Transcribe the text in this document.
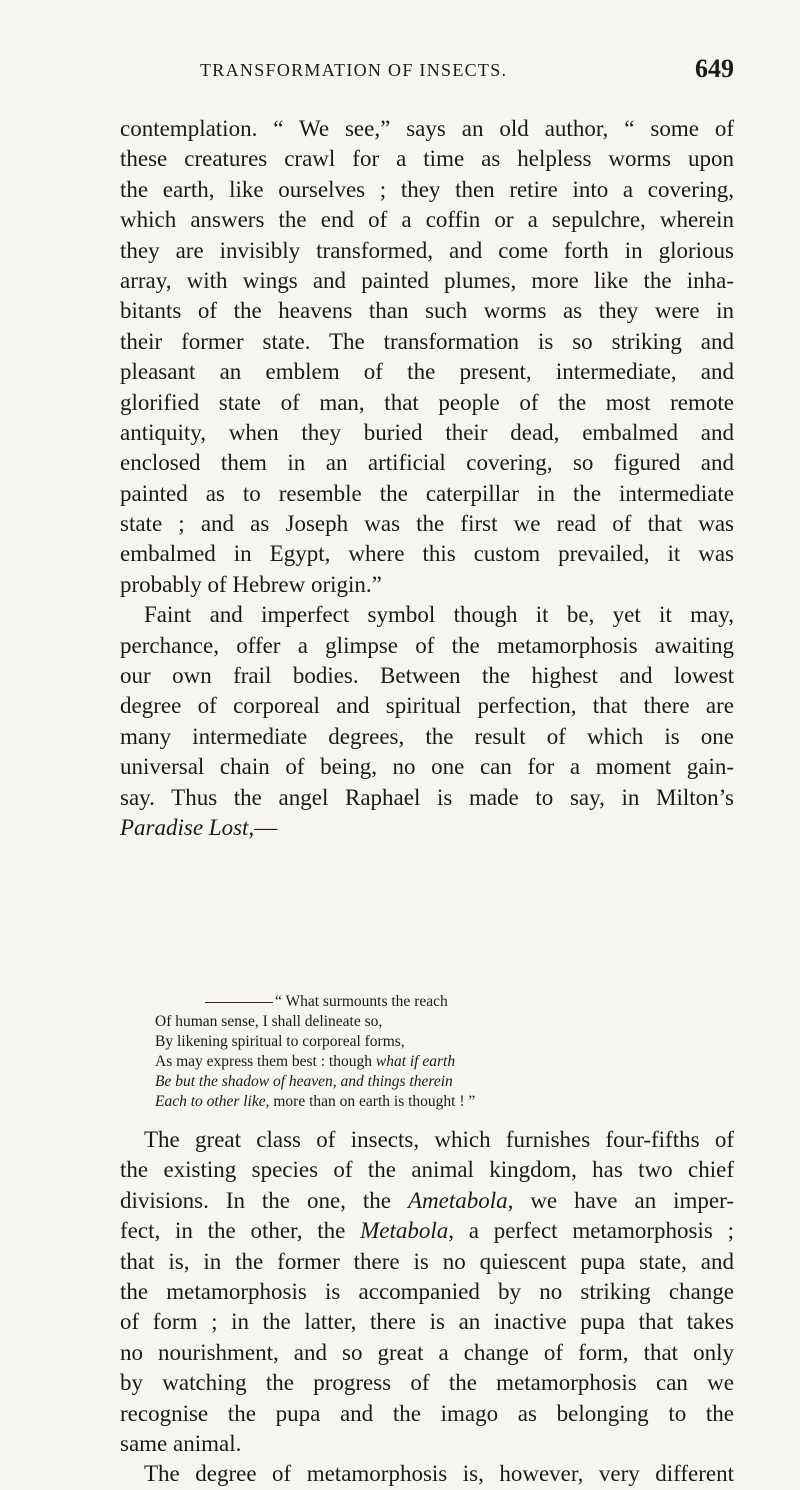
TRANSFORMATION OF INSECTS.	649
contemplation. “ We see,” says an old author, “ some of
these creatures crawl for a time as helpless worms upon
the earth, like ourselves ; they then retire into a covering,
which answers the end of a coffin or a sepulchre, wherein
they are invisibly transformed, and come forth in glorious
array, with wings and painted plumes, more like the inha-
bitants of the heavens than such worms as they were in
their former state. The transformation is so striking and
pleasant an emblem of the present, intermediate, and
glorified state of man, that people of the most remote
antiquity, when they buried their dead, embalmed and
enclosed them in an artificial covering, so figured and
painted as to resemble the caterpillar in the intermediate
state ; and as Joseph was the first we read of that was
embalmed in Egypt, where this custom prevailed, it was
probably of Hebrew origin.”
Faint and imperfect symbol though it be, yet it may,
perchance, offer a glimpse of the metamorphosis awaiting
our own frail bodies. Between the highest and lowest
degree of corporeal and spiritual perfection, that there are
many intermediate degrees, the result of which is one
universal chain of being, no one can for a moment gain-
say. Thus the angel Raphael is made to say, in Milton’s
Paradise Lost,—
“ What surmounts the reach
Of human sense, I shall delineate so,
By likening spiritual to corporeal forms,
As may express them best : though what if earth
Be but the shadow of heaven, and things therein
Each to other like, more than on earth is thought ! ”
The great class of insects, which furnishes four-fifths of
the existing species of the animal kingdom, has two chief
divisions. In the one, the Ametabola, we have an imper-
fect, in the other, the Metabola, a perfect metamorphosis ;
that is, in the former there is no quiescent pupa state, and
the metamorphosis is accompanied by no striking change
of form ; in the latter, there is an inactive pupa that takes
no nourishment, and so great a change of form, that only
by watching the progress of the metamorphosis can we
recognise the pupa and the imago as belonging to the
same animal.
The degree of metamorphosis is, however, very different
